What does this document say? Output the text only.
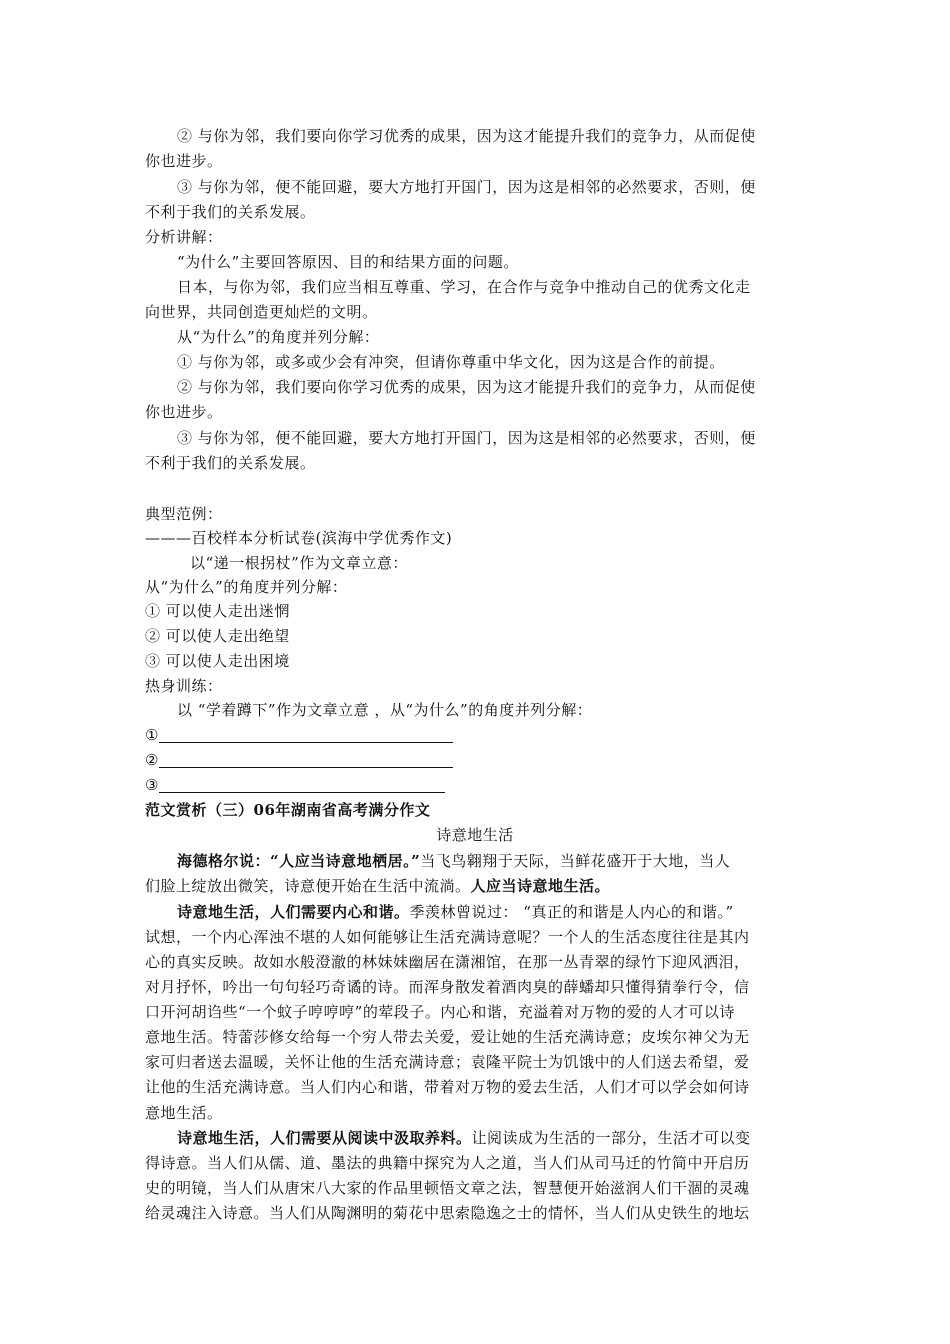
② 与你为邻，我们要向你学习优秀的成果，因为这才能提升我们的竞争力，从而促使
你也进步。
③ 与你为邻，便不能回避，要大方地打开国门，因为这是相邻的必然要求，否则，便
不利于我们的关系发展。
分析讲解：
“为什么”主要回答原因、目的和结果方面的问题。
日本，与你为邻，我们应当相互尊重、学习，在合作与竞争中推动自己的优秀文化走
向世界，共同创造更灿烂的文明。
从“为什么”的角度并列分解：
① 与你为邻，或多或少会有冲突，但请你尊重中华文化，因为这是合作的前提。
② 与你为邻，我们要向你学习优秀的成果，因为这才能提升我们的竞争力，从而促使
你也进步。
③ 与你为邻，便不能回避，要大方地打开国门，因为这是相邻的必然要求，否则，便
不利于我们的关系发展。
典型范例：
———百校样本分析试卷(滨海中学优秀作文)
以“递一根拐杖”作为文章立意：
从“为什么”的角度并列分解：
① 可以使人走出迷惘
② 可以使人走出绝望
③ 可以使人走出困境
热身训练：
以 “学着蹲下”作为文章立意 ，从“为什么”的角度并列分解：
①
②
③
范文赏析（三）06年湖南省高考满分作文
诗意地生活
海德格尔说：“人应当诗意地栖居。”当飞鸟翱翔于天际，当鲜花盛开于大地，当人
们脸上绽放出微笑，诗意便开始在生活中流淌。人应当诗意地生活。
诗意地生活，人们需要内心和谐。季羡林曾说过： “真正的和谐是人内心的和谐。”
试想，一个内心浑浊不堪的人如何能够让生活充满诗意呢？一个人的生活态度往往是其内
心的真实反映。故如水般澄澈的林妹妹幽居在潇湘馆，在那一丛青翠的绿竹下迎风洒泪，
对月抒怀，吟出一句句轻巧奇谲的诗。而浑身散发着酒肉臭的薛蟠却只懂得猜拳行令，信
口开河胡诌些“一个蚊子哼哼哼”的荤段子。内心和谐，充溢着对万物的爱的人才可以诗
意地生活。特蕾莎修女给每一个穷人带去关爱，爱让她的生活充满诗意；皮埃尔神父为无
家可归者送去温暖，关怀让他的生活充满诗意；袁隆平院士为饥饿中的人们送去希望，爱
让他的生活充满诗意。当人们内心和谐，带着对万物的爱去生活，人们才可以学会如何诗
意地生活。
诗意地生活，人们需要从阅读中汲取养料。让阅读成为生活的一部分，生活才可以变
得诗意。当人们从儒、道、墨法的典籍中探究为人之道，当人们从司马迁的竹简中开启历
史的明镜，当人们从唐宋八大家的作品里顿悟文章之法，智慧便开始滋润人们干涸的灵魂
给灵魂注入诗意。当人们从陶渊明的菊花中思索隐逸之士的情怀，当人们从史铁生的地坛
